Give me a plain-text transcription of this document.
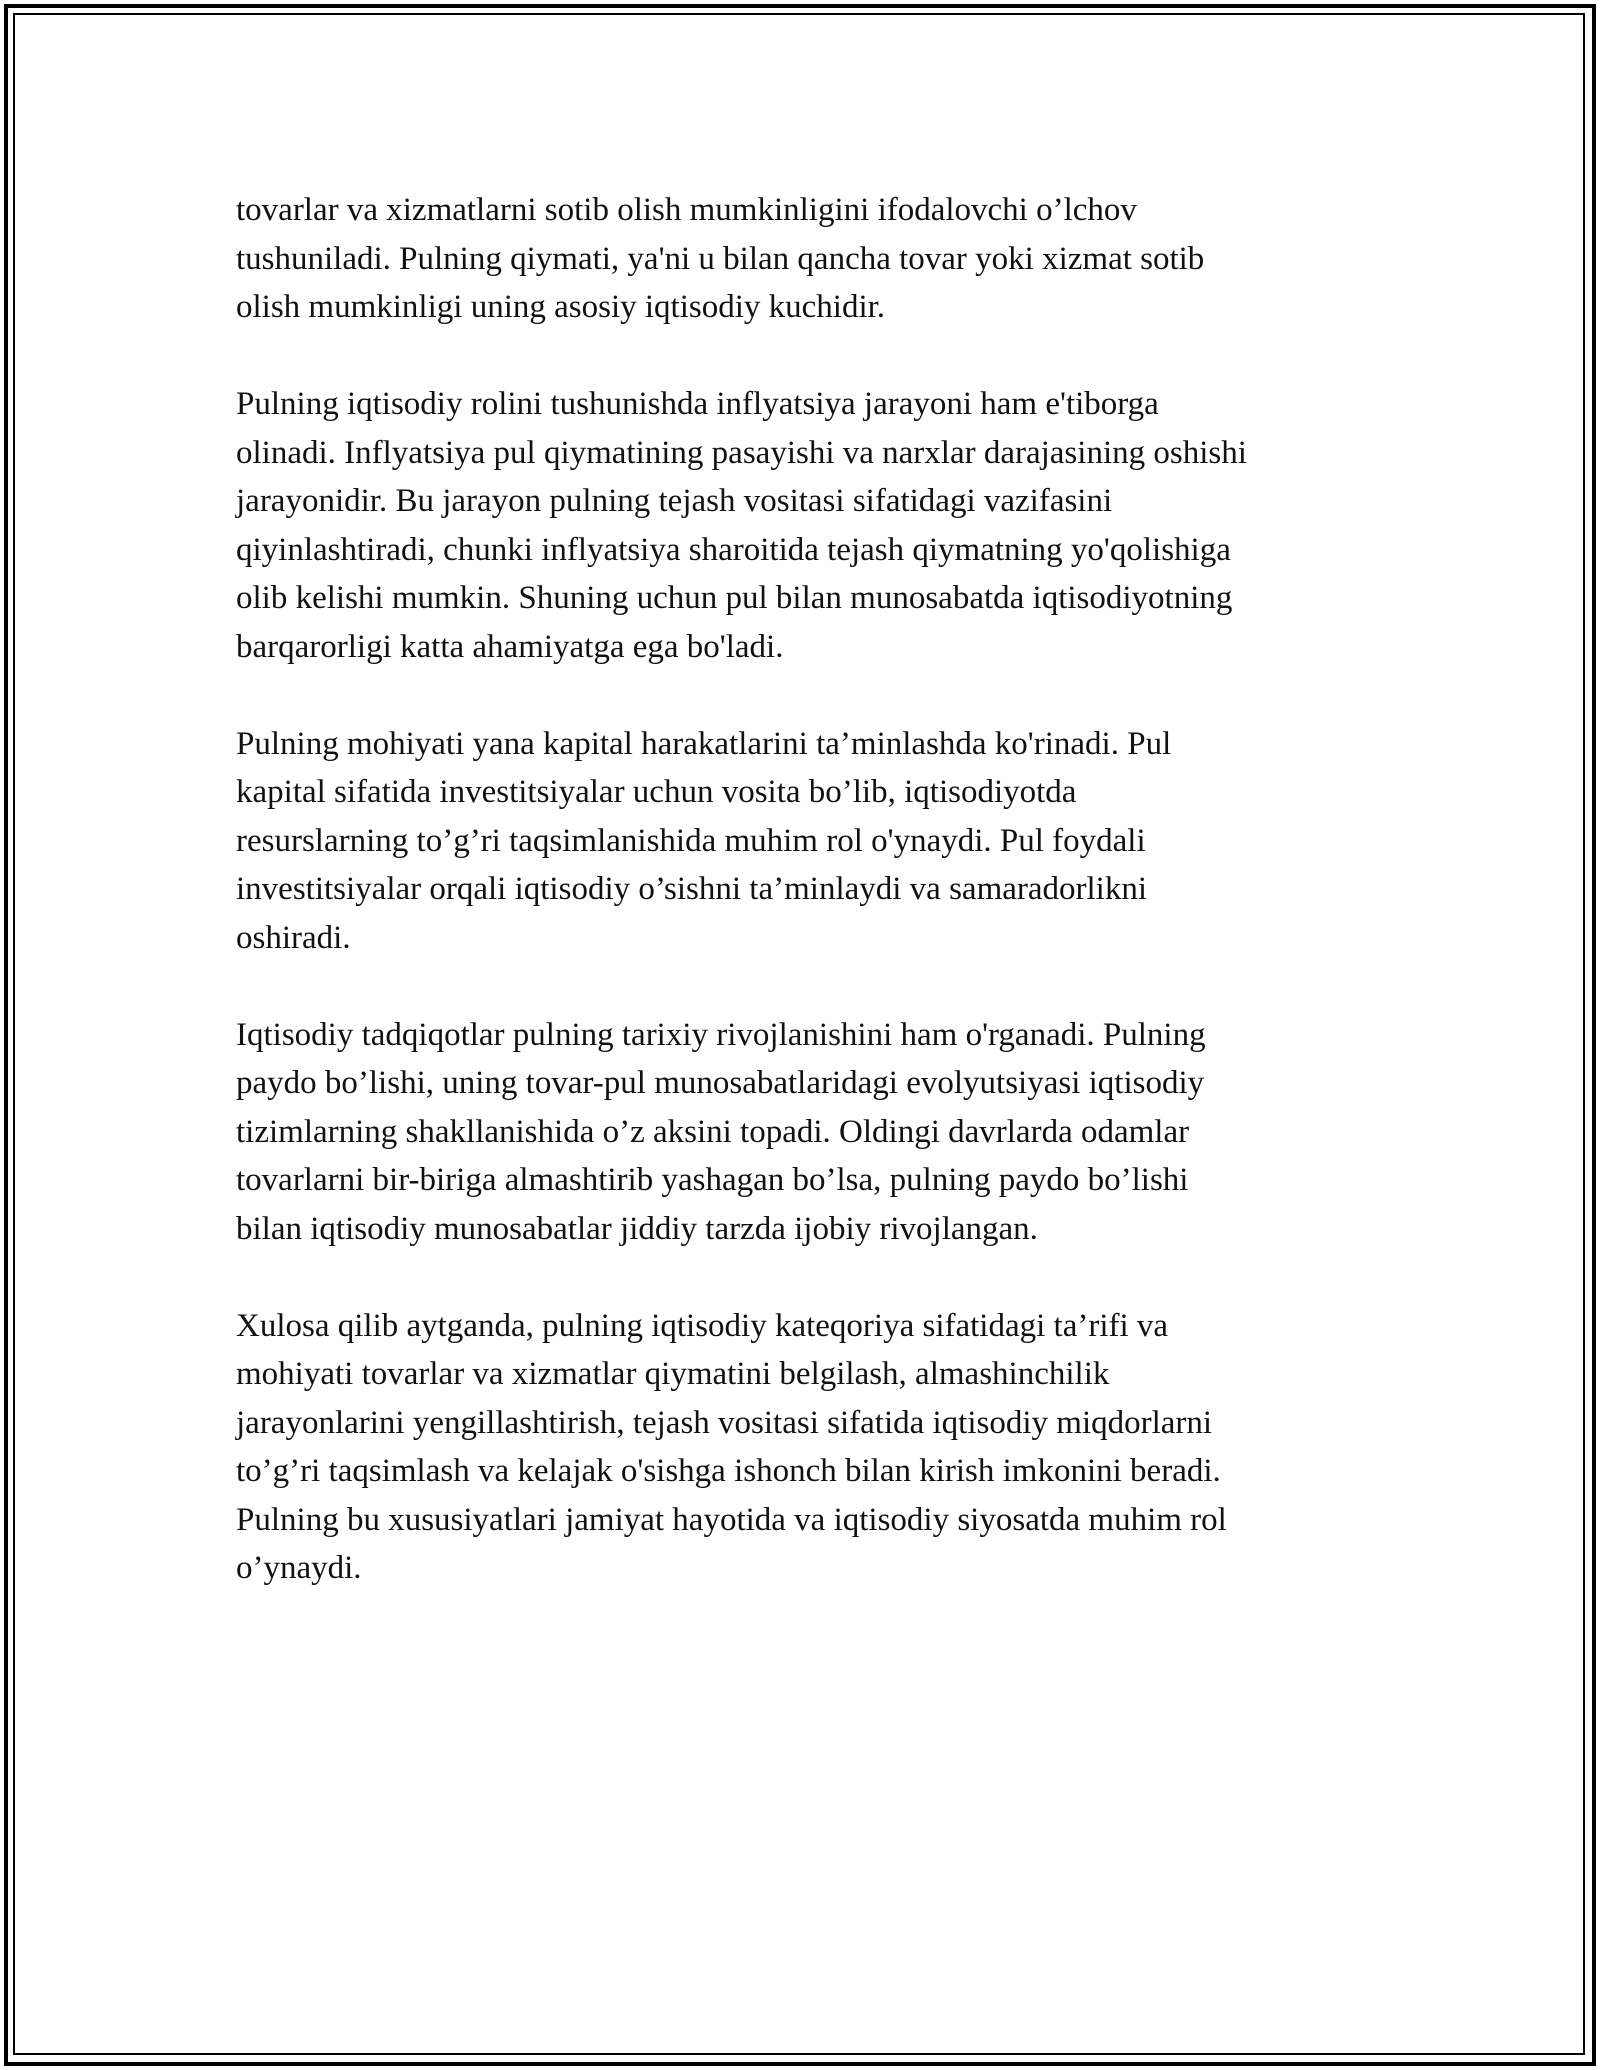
tovarlar va xizmatlarni sotib olish mumkinligini ifodalovchi o’lchov
tushuniladi. Pulning qiymati, ya'ni u bilan qancha tovar yoki xizmat sotib
olish mumkinligi uning asosiy iqtisodiy kuchidir.

Pulning iqtisodiy rolini tushunishda inflyatsiya jarayoni ham e'tiborga
olinadi. Inflyatsiya pul qiymatining pasayishi va narxlar darajasining oshishi
jarayonidir. Bu jarayon pulning tejash vositasi sifatidagi vazifasini
qiyinlashtiradi, chunki inflyatsiya sharoitida tejash qiymatning yo'qolishiga
olib kelishi mumkin. Shuning uchun pul bilan munosabatda iqtisodiyotning
barqarorligi katta ahamiyatga ega bo'ladi.

Pulning mohiyati yana kapital harakatlarini ta’minlashda ko'rinadi. Pul
kapital sifatida investitsiyalar uchun vosita bo’lib, iqtisodiyotda
resurslarning to’g’ri taqsimlanishida muhim rol o'ynaydi. Pul foydali
investitsiyalar orqali iqtisodiy o’sishni ta’minlaydi va samaradorlikni
oshiradi.

Iqtisodiy tadqiqotlar pulning tarixiy rivojlanishini ham o'rganadi. Pulning
paydo bo’lishi, uning tovar-pul munosabatlaridagi evolyutsiyasi iqtisodiy
tizimlarning shakllanishida o’z aksini topadi. Oldingi davrlarda odamlar
tovarlarni bir-biriga almashtirib yashagan bo’lsa, pulning paydo bo’lishi
bilan iqtisodiy munosabatlar jiddiy tarzda ijobiy rivojlangan.

Xulosa qilib aytganda, pulning iqtisodiy kateqoriya sifatidagi ta’rifi va
mohiyati tovarlar va xizmatlar qiymatini belgilash, almashinchilik
jarayonlarini yengillashtirish, tejash vositasi sifatida iqtisodiy miqdorlarni
to’g’ri taqsimlash va kelajak o'sishga ishonch bilan kirish imkonini beradi.
Pulning bu xususiyatlari jamiyat hayotida va iqtisodiy siyosatda muhim rol
o’ynaydi.
